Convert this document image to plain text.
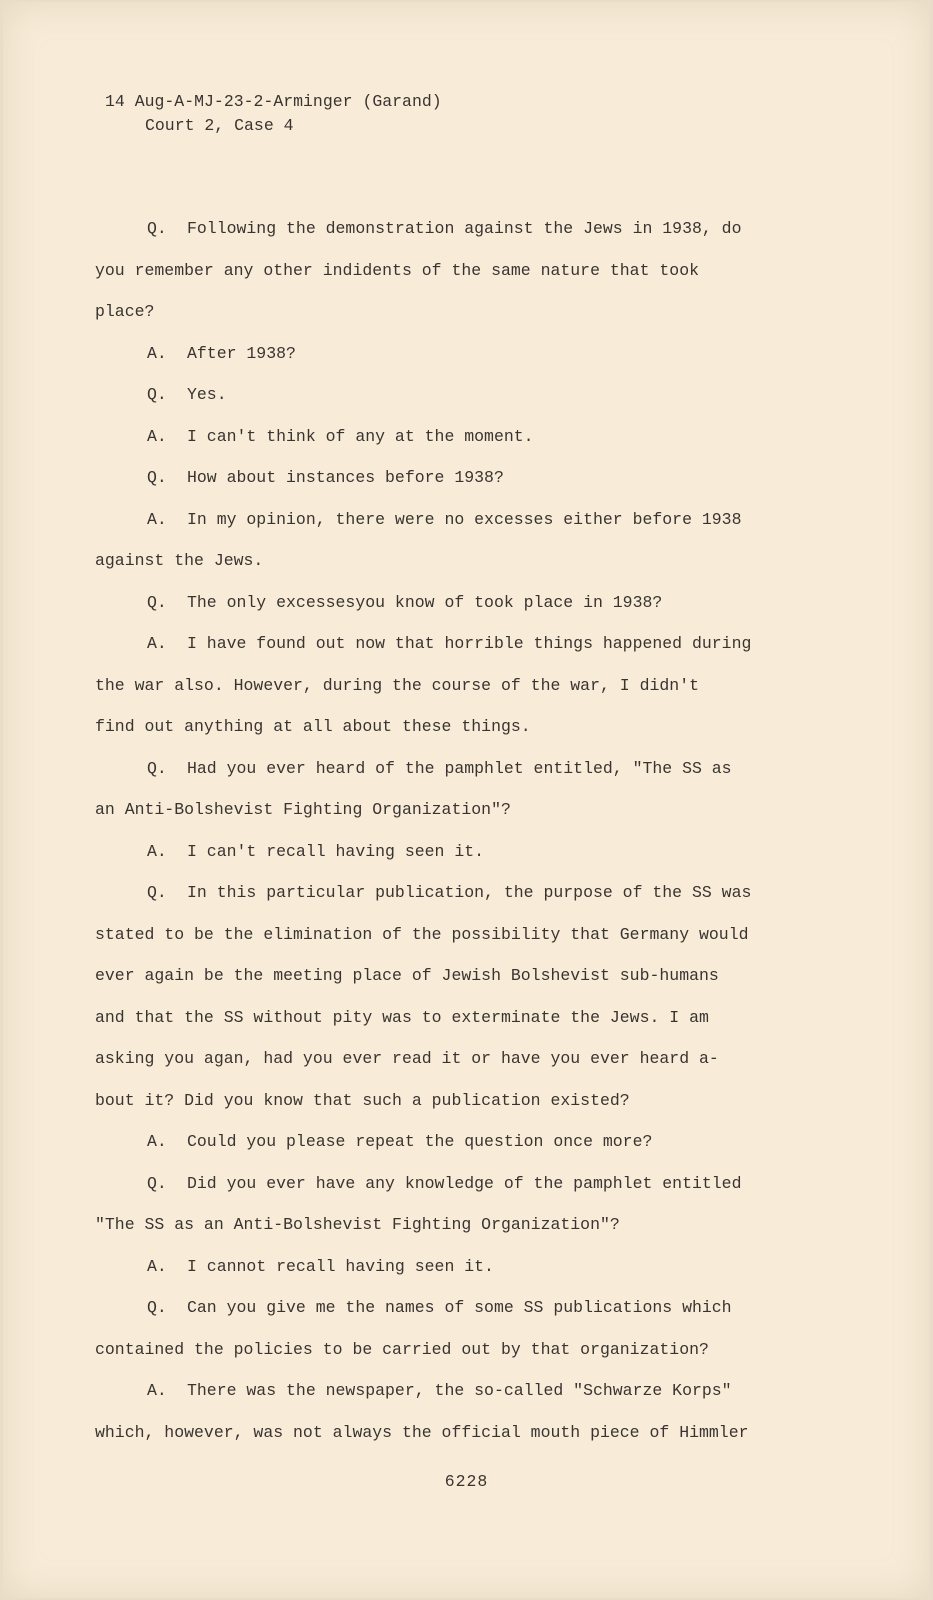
14 Aug-A-MJ-23-2-Arminger (Garand)
Court 2, Case 4
Q. Following the demonstration against the Jews in 1938, do
you remember any other indidents of the same nature that took
place?
A. After 1938?
Q. Yes.
A. I can't think of any at the moment.
Q. How about instances before 1938?
A. In my opinion, there were no excesses either before 1938
against the Jews.
Q. The only excessesyou know of took place in 1938?
A. I have found out now that horrible things happened during
the war also. However, during the course of the war, I didn't
find out anything at all about these things.
Q. Had you ever heard of the pamphlet entitled, "The SS as
an Anti-Bolshevist Fighting Organization"?
A. I can't recall having seen it.
Q. In this particular publication, the purpose of the SS was
stated to be the elimination of the possibility that Germany would
ever again be the meeting place of Jewish Bolshevist sub-humans
and that the SS without pity was to exterminate the Jews. I am
asking you agan, had you ever read it or have you ever heard a-
bout it? Did you know that such a publication existed?
A. Could you please repeat the question once more?
Q. Did you ever have any knowledge of the pamphlet entitled
"The SS as an Anti-Bolshevist Fighting Organization"?
A. I cannot recall having seen it.
Q. Can you give me the names of some SS publications which
contained the policies to be carried out by that organization?
A. There was the newspaper, the so-called "Schwarze Korps"
which, however, was not always the official mouth piece of Himmler
6228
